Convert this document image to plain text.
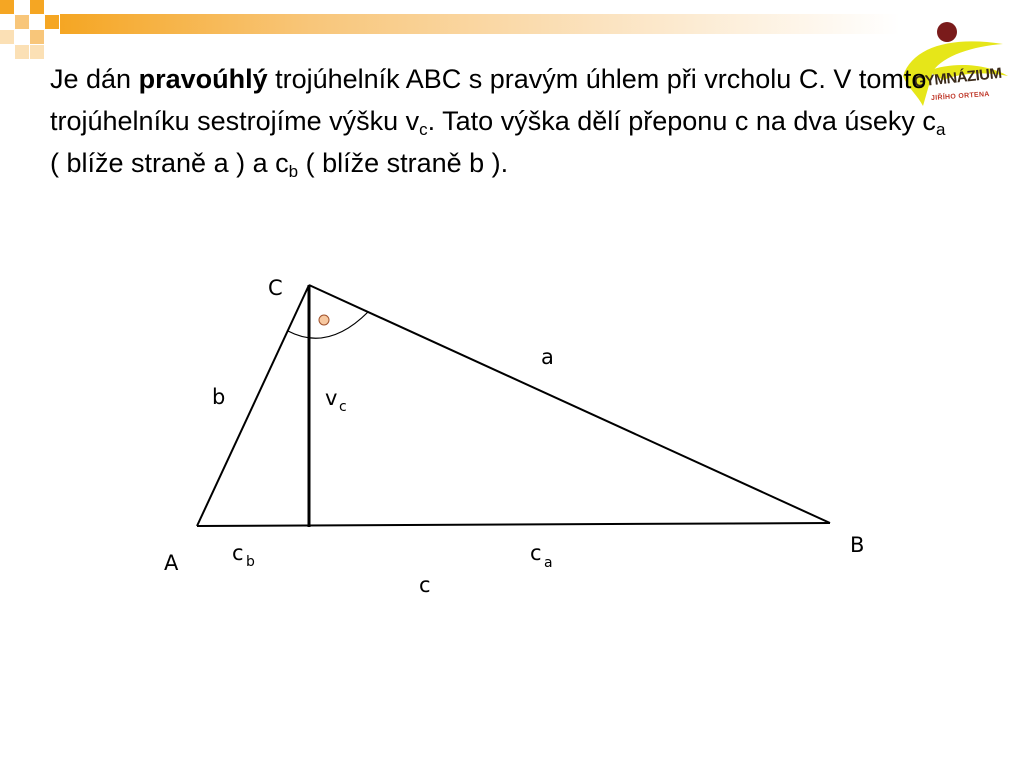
GYMNÁZIUM
JIŘÍHO ORTENA

Je dán pravoúhlý trojúhelník ABC s pravým úhlem při vrcholu C. V tomto trojúhelníku sestrojíme výšku $v_c$. Tato výška dělí přeponu c na dva úseky $c_a$ ( blíže straně a ) a $c_b$ ( blíže straně b ).

C
A
B
a
b
c
v c
c b	c a
